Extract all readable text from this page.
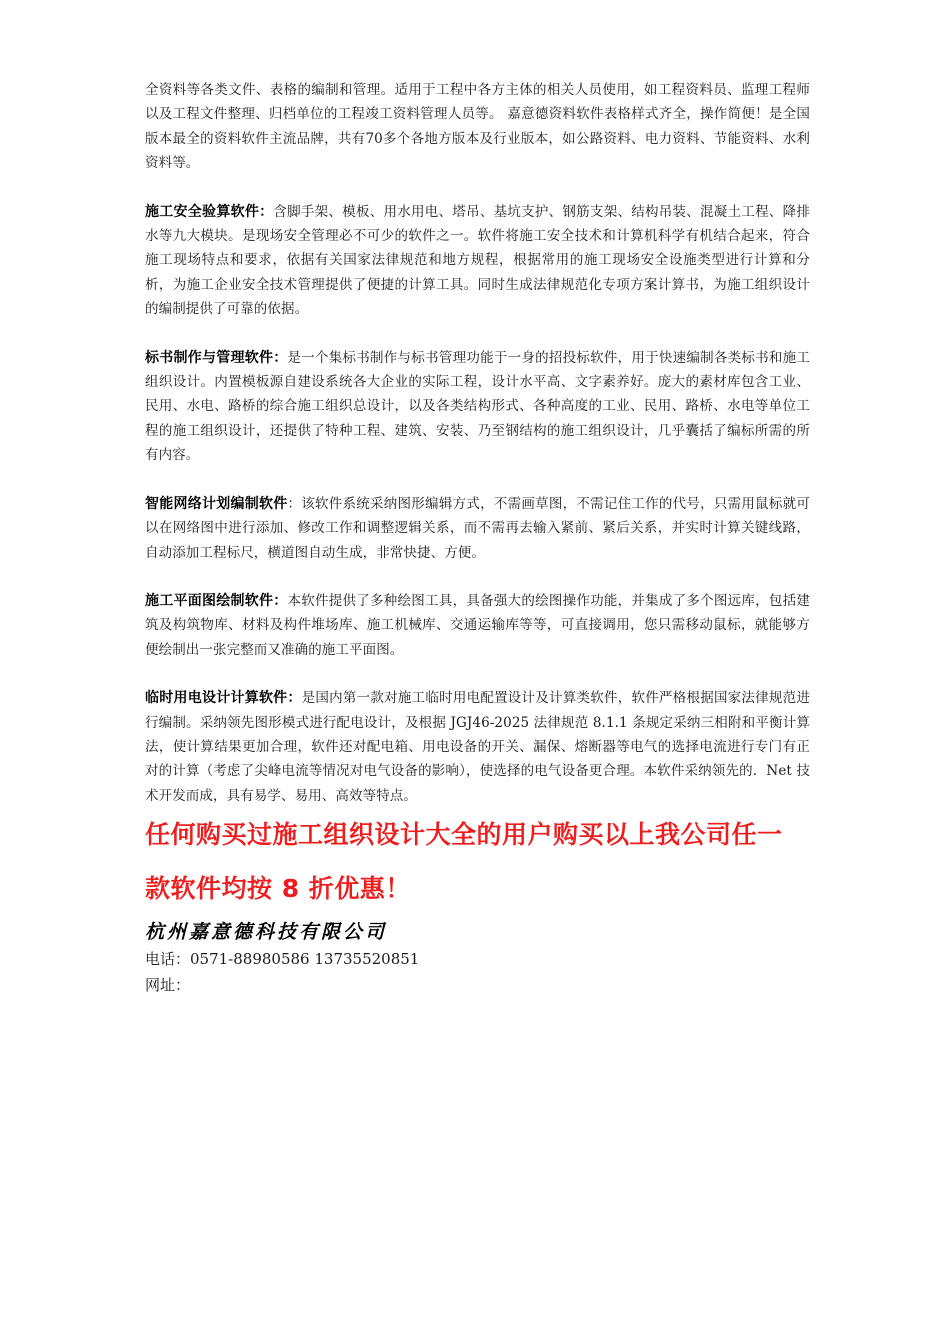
全资料等各类文件、表格的编制和管理。适用于工程中各方主体的相关人员使用，如工程资料员、监理工程师以及工程文件整理、归档单位的工程竣工资料管理人员等。 嘉意德资料软件表格样式齐全，操作简便！是全国版本最全的资料软件主流品牌，共有70多个各地方版本及行业版本，如公路资料、电力资料、节能资料、水利资料等。

施工安全验算软件：含脚手架、模板、用水用电、塔吊、基坑支护、钢筋支架、结构吊装、混凝土工程、降排水等九大模块。是现场安全管理必不可少的软件之一。软件将施工安全技术和计算机科学有机结合起来，符合施工现场特点和要求，依据有关国家法律规范和地方规程，根据常用的施工现场安全设施类型进行计算和分析，为施工企业安全技术管理提供了便捷的计算工具。同时生成法律规范化专项方案计算书，为施工组织设计的编制提供了可靠的依据。

标书制作与管理软件：是一个集标书制作与标书管理功能于一身的招投标软件，用于快速编制各类标书和施工组织设计。内置模板源自建设系统各大企业的实际工程，设计水平高、文字素养好。庞大的素材库包含工业、民用、水电、路桥的综合施工组织总设计，以及各类结构形式、各种高度的工业、民用、路桥、水电等单位工程的施工组织设计，还提供了特种工程、建筑、安装、乃至钢结构的施工组织设计，几乎囊括了编标所需的所有内容。

智能网络计划编制软件：该软件系统采纳图形编辑方式，不需画草图，不需记住工作的代号，只需用鼠标就可以在网络图中进行添加、修改工作和调整逻辑关系，而不需再去输入紧前、紧后关系，并实时计算关键线路，自动添加工程标尺，横道图自动生成，非常快捷、方便。

施工平面图绘制软件：本软件提供了多种绘图工具，具备强大的绘图操作功能，并集成了多个图远库，包括建筑及构筑物库、材料及构件堆场库、施工机械库、交通运输库等等，可直接调用，您只需移动鼠标，就能够方便绘制出一张完整而又准确的施工平面图。

临时用电设计计算软件：是国内第一款对施工临时用电配置设计及计算类软件，软件严格根据国家法律规范进行编制。采纳领先图形模式进行配电设计，及根据 JGJ46-2025 法律规范 8.1.1 条规定采纳三相附和平衡计算法，使计算结果更加合理，软件还对配电箱、用电设备的开关、漏保、熔断器等电气的选择电流进行专门有正对的计算（考虑了尖峰电流等情况对电气设备的影响），使选择的电气设备更合理。本软件采纳领先的．Net 技术开发而成，具有易学、易用、高效等特点。

任何购买过施工组织设计大全的用户购买以上我公司任一
款软件均按 8 折优惠！
杭州嘉意德科技有限公司
电话：0571-88980586 13735520851
网址：
